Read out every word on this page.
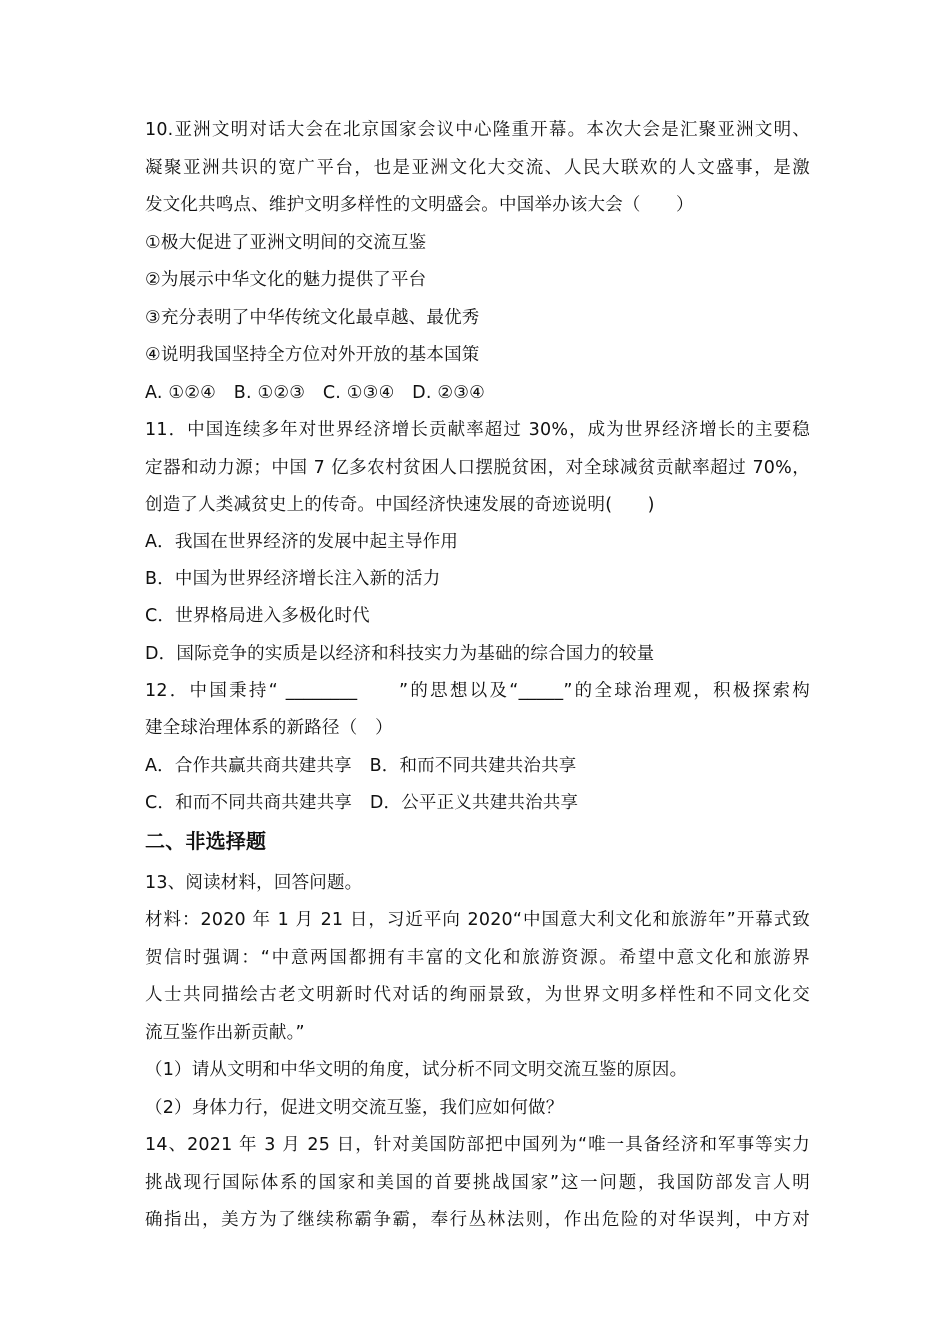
10.亚洲文明对话大会在北京国家会议中心隆重开幕。本次大会是汇聚亚洲文明、
凝聚亚洲共识的宽广平台，也是亚洲文化大交流、人民大联欢的人文盛事，是激
发文化共鸣点、维护文明多样性的文明盛会。中国举办该大会（　　）
①极大促进了亚洲文明间的交流互鉴
②为展示中华文化的魅力提供了平台
③充分表明了中华传统文化最卓越、最优秀
④说明我国坚持全方位对外开放的基本国策
A. ①②④　B. ①②③　C. ①③④　D. ②③④
11．中国连续多年对世界经济增长贡献率超过 30%，成为世界经济增长的主要稳
定器和动力源；中国 7 亿多农村贫困人口摆脱贫困，对全球减贫贡献率超过 70%，
创造了人类减贫史上的传奇。中国经济快速发展的奇迹说明(　　)
A．我国在世界经济的发展中起主导作用
B．中国为世界经济增长注入新的活力
C．世界格局进入多极化时代
D．国际竞争的实质是以经济和科技实力为基础的综合国力的较量
12．中国秉持“ ________　　”的思想以及“_____”的全球治理观，积极探索构
建全球治理体系的新路径（　）
A．合作共赢共商共建共享　B．和而不同共建共治共享
C．和而不同共商共建共享　D．公平正义共建共治共享
二、非选择题
13、阅读材料，回答问题。
材料：2020 年 1 月 21 日，习近平向 2020“中国意大利文化和旅游年”开幕式致
贺信时强调：“中意两国都拥有丰富的文化和旅游资源。希望中意文化和旅游界
人士共同描绘古老文明新时代对话的绚丽景致，为世界文明多样性和不同文化交
流互鉴作出新贡献。”
（1）请从文明和中华文明的角度，试分析不同文明交流互鉴的原因。
（2）身体力行，促进文明交流互鉴，我们应如何做？
14、2021 年 3 月 25 日，针对美国防部把中国列为“唯一具备经济和军事等实力
挑战现行国际体系的国家和美国的首要挑战国家”这一问题，我国防部发言人明
确指出，美方为了继续称霸争霸，奉行丛林法则，作出危险的对华误判，中方对
